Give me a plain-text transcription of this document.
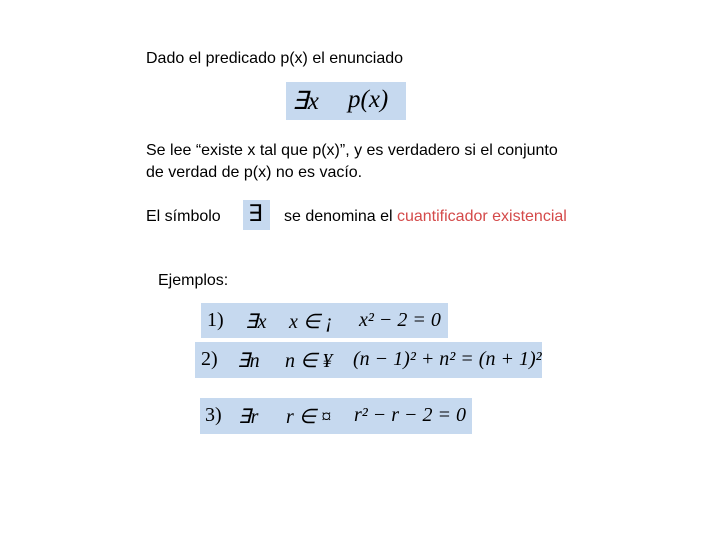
Dado el predicado p(x) el enunciado
∃x p(x)
Se lee “existe x tal que p(x)”, y es verdadero si el conjunto
de verdad de p(x) no es vacío.
El símbolo ∃ se denomina el cuantificador existencial
Ejemplos:
1) ∃x x ∈ ¡ x² − 2 = 0
2) ∃n n ∈ ¥ (n − 1)² + n² = (n + 1)²
3) ∃r r ∈ ¤ r² − r − 2 = 0
